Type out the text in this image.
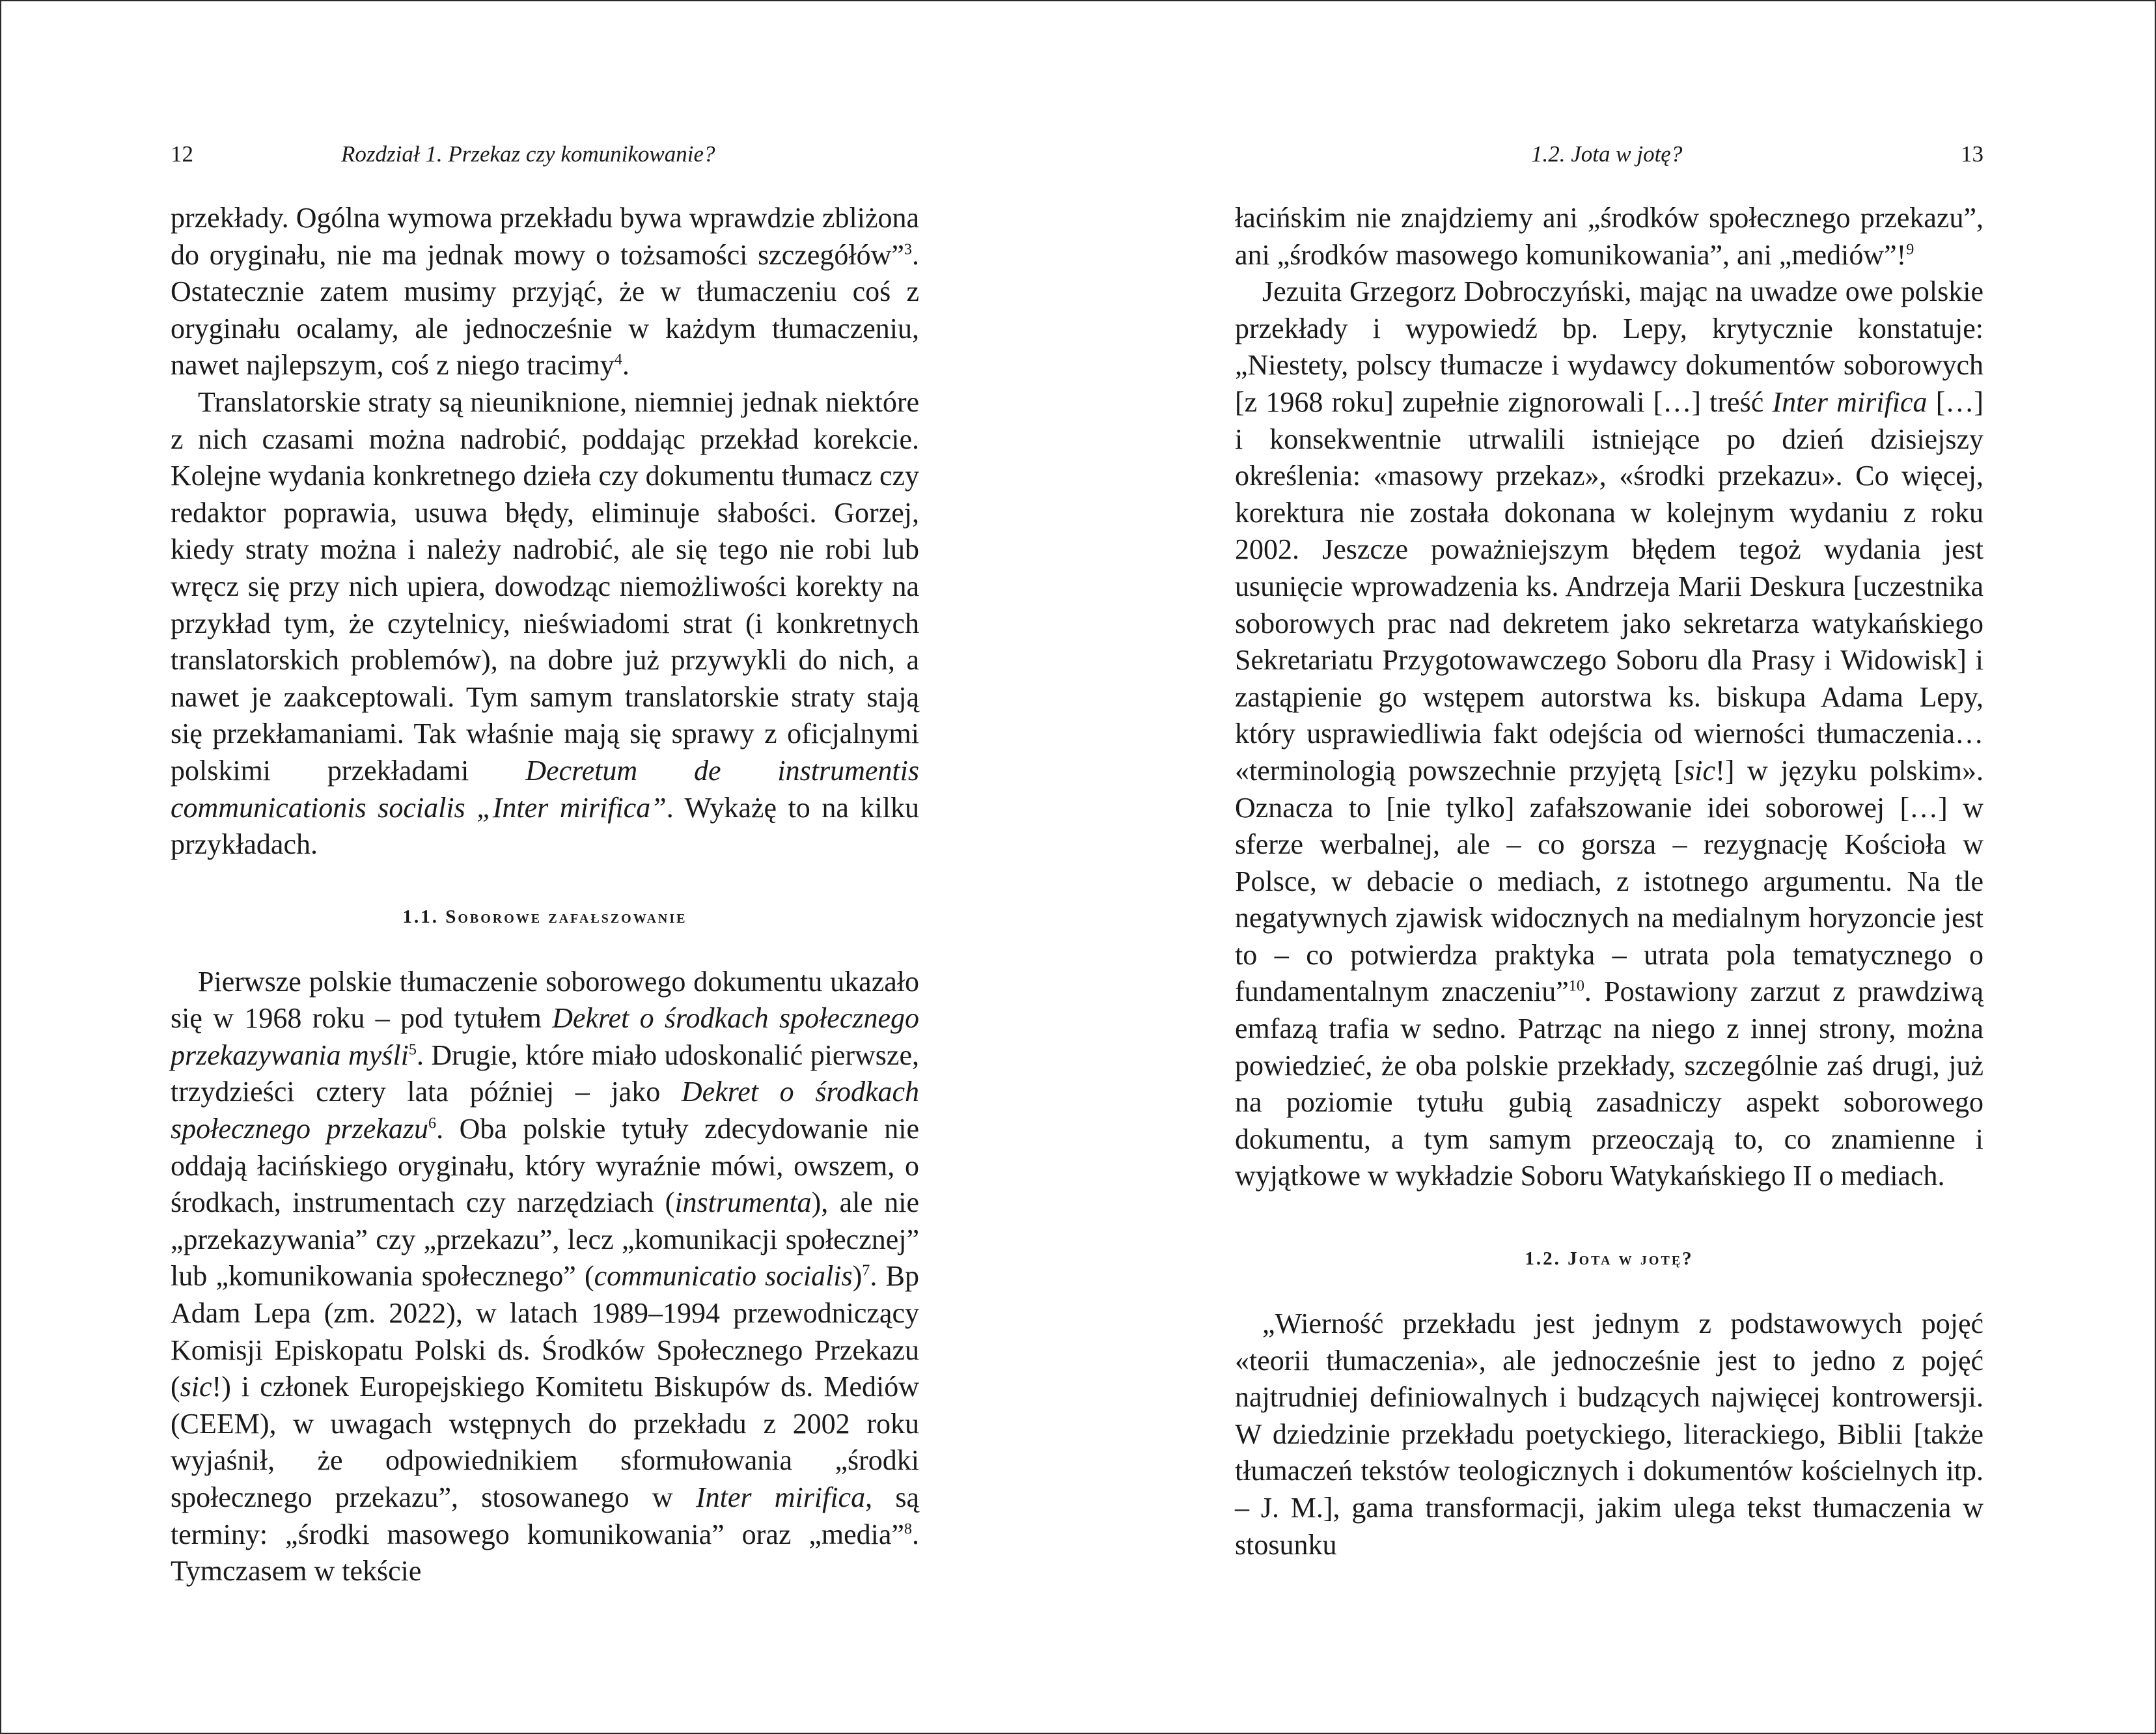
12	Rozdział 1. Przekaz czy komunikowanie?

przekłady. Ogólna wymowa przekładu bywa wprawdzie zbliżona do oryginału, nie ma jednak mowy o tożsamości szczegółów”$^3$. Ostatecznie zatem musimy przyjąć, że w tłumaczeniu coś z oryginału ocalamy, ale jednocześnie w każdym tłumaczeniu, nawet najlepszym, coś z niego tracimy$^4$.

Translatorskie straty są nieuniknione, niemniej jednak niektóre z nich czasami można nadrobić, poddając przekład korekcie. Kolejne wydania konkretnego dzieła czy dokumentu tłumacz czy redaktor poprawia, usuwa błędy, eliminuje słabości. Gorzej, kiedy straty można i należy nadrobić, ale się tego nie robi lub wręcz się przy nich upiera, dowodząc niemożliwości korekty na przykład tym, że czytelnicy, nieświadomi strat (i konkretnych translatorskich problemów), na dobre już przywykli do nich, a nawet je zaakceptowali. Tym samym translatorskie straty stają się przekłamaniami. Tak właśnie mają się sprawy z oficjalnymi polskimi przekładami Decretum de instrumentis communicationis socialis „Inter mirifica”. Wykażę to na kilku przykładach.

1.1. Soborowe zafałszowanie

Pierwsze polskie tłumaczenie soborowego dokumentu ukazało się w 1968 roku – pod tytułem Dekret o środkach społecznego przekazywania myśli$^5$. Drugie, które miało udoskonalić pierwsze, trzydzieści cztery lata później – jako Dekret o środkach społecznego przekazu$^6$. Oba polskie tytuły zdecydowanie nie oddają łacińskiego oryginału, który wyraźnie mówi, owszem, o środkach, instrumentach czy narzędziach (instrumenta), ale nie „przekazywania” czy „przekazu”, lecz „komunikacji społecznej” lub „komunikowania społecznego” (communicatio socialis)$^7$. Bp Adam Lepa (zm. 2022), w latach 1989–1994 przewodniczący Komisji Episkopatu Polski ds. Środków Społecznego Przekazu (sic!) i członek Europejskiego Komitetu Biskupów ds. Mediów (CEEM), w uwagach wstępnych do przekładu z 2002 roku wyjaśnił, że odpowiednikiem sformułowania „środki społecznego przekazu”, stosowanego w Inter mirifica, są terminy: „środki masowego komunikowania” oraz „media”$^8$. Tymczasem w tekście

1.2. Jota w jotę?	13

łacińskim nie znajdziemy ani „środków społecznego przekazu”, ani „środków masowego komunikowania”, ani „mediów”!$^9$

Jezuita Grzegorz Dobroczyński, mając na uwadze owe polskie przekłady i wypowiedź bp. Lepy, krytycznie konstatuje: „Niestety, polscy tłumacze i wydawcy dokumentów soborowych [z 1968 roku] zupełnie zignorowali […] treść Inter mirifica […] i konsekwentnie utrwalili istniejące po dzień dzisiejszy określenia: «masowy przekaz», «środki przekazu». Co więcej, korektura nie została dokonana w kolejnym wydaniu z roku 2002. Jeszcze poważniejszym błędem tegoż wydania jest usunięcie wprowadzenia ks. Andrzeja Marii Deskura [uczestnika soborowych prac nad dekretem jako sekretarza watykańskiego Sekretariatu Przygotowawczego Soboru dla Prasy i Widowisk] i zastąpienie go wstępem autorstwa ks. biskupa Adama Lepy, który usprawiedliwia fakt odejścia od wierności tłumaczenia… «terminologią powszechnie przyjętą [sic!] w języku polskim». Oznacza to [nie tylko] zafałszowanie idei soborowej […] w sferze werbalnej, ale – co gorsza – rezygnację Kościoła w Polsce, w debacie o mediach, z istotnego argumentu. Na tle negatywnych zjawisk widocznych na medialnym horyzoncie jest to – co potwierdza praktyka – utrata pola tematycznego o fundamentalnym znaczeniu”$^{10}$. Postawiony zarzut z prawdziwą emfazą trafia w sedno. Patrząc na niego z innej strony, można powiedzieć, że oba polskie przekłady, szczególnie zaś drugi, już na poziomie tytułu gubią zasadniczy aspekt soborowego dokumentu, a tym samym przeoczają to, co znamienne i wyjątkowe w wykładzie Soboru Watykańskiego II o mediach.

1.2. Jota w jotę?

„Wierność przekładu jest jednym z podstawowych pojęć «teorii tłumaczenia», ale jednocześnie jest to jedno z pojęć najtrudniej definiowalnych i budzących najwięcej kontrowersji. W dziedzinie przekładu poetyckiego, literackiego, Biblii [także tłumaczeń tekstów teologicznych i dokumentów kościelnych itp. – J. M.], gama transformacji, jakim ulega tekst tłumaczenia w stosunku
